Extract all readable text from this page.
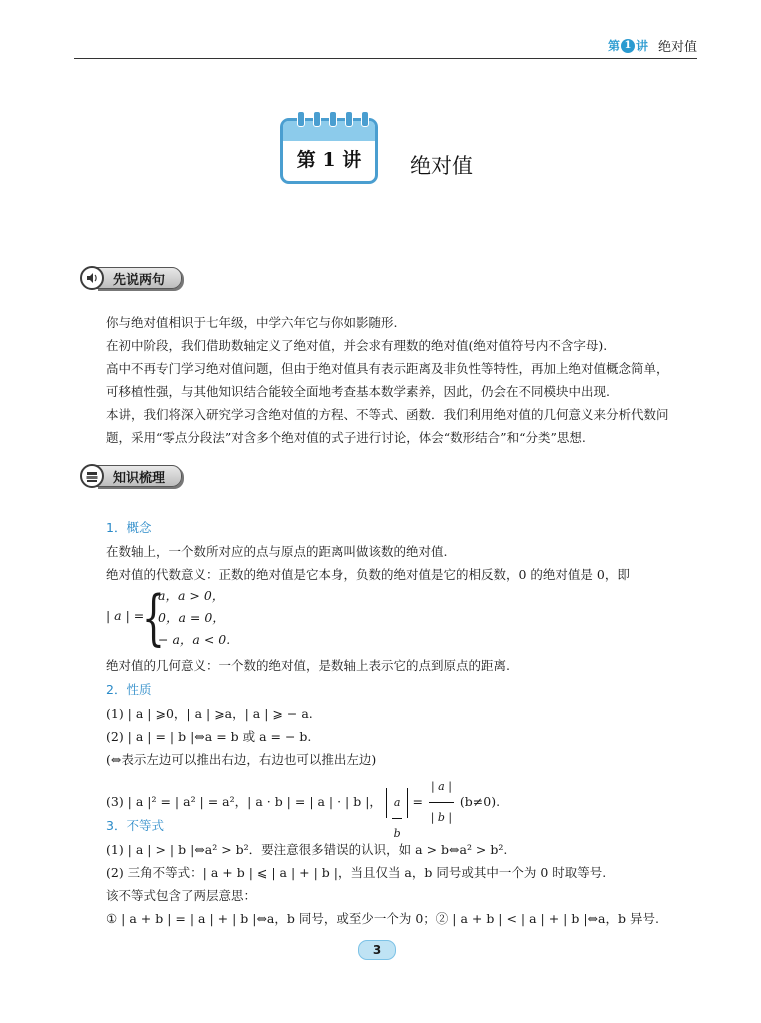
第 1 讲 绝对值
第 1 讲	绝对值
先说两句
你与绝对值相识于七年级，中学六年它与你如影随形.
在初中阶段，我们借助数轴定义了绝对值，并会求有理数的绝对值(绝对值符号内不含字母).
高中不再专门学习绝对值问题，但由于绝对值具有表示距离及非负性等特性，再加上绝对值概念简单，可移植性强，与其他知识结合能较全面地考查基本数学素养，因此，仍会在不同模块中出现.
本讲，我们将深入研究学习含绝对值的方程、不等式、函数．我们利用绝对值的几何意义来分析代数问题，采用“零点分段法”对含多个绝对值的式子进行讨论，体会“数形结合”和“分类”思想.
知识梳理
1．概念
在数轴上，一个数所对应的点与原点的距离叫做该数的绝对值.
绝对值的代数意义：正数的绝对值是它本身，负数的绝对值是它的相反数，0 的绝对值是 0，即
| a | =
{
a，a > 0，
0，a = 0，
− a，a < 0.
绝对值的几何意义：一个数的绝对值，是数轴上表示它的点到原点的距离.
2．性质
(1) | a | ⩾0，| a | ⩾a，| a | ⩾ − a.
(2) | a | = | b |⇔a = b 或 a = − b.
(⇔表示左边可以推出右边，右边也可以推出左边)
(3) | a |² = | a² | = a²，| a · b | = | a | · | b |， $\frac{a}{b} = \frac{| a |}{| b |} (b\ne 0)$.
3．不等式
(1) | a | > | b |⇔a² > b²．要注意很多错误的认识，如 a > b⇔a² > b².
(2) 三角不等式：| a + b | ⩽ | a | + | b |，当且仅当 a，b 同号或其中一个为 0 时取等号.
该不等式包含了两层意思：
① | a + b | = | a | + | b |⇔a，b 同号，或至少一个为 0；② | a + b | < | a | + | b |⇔a，b 异号.
3
